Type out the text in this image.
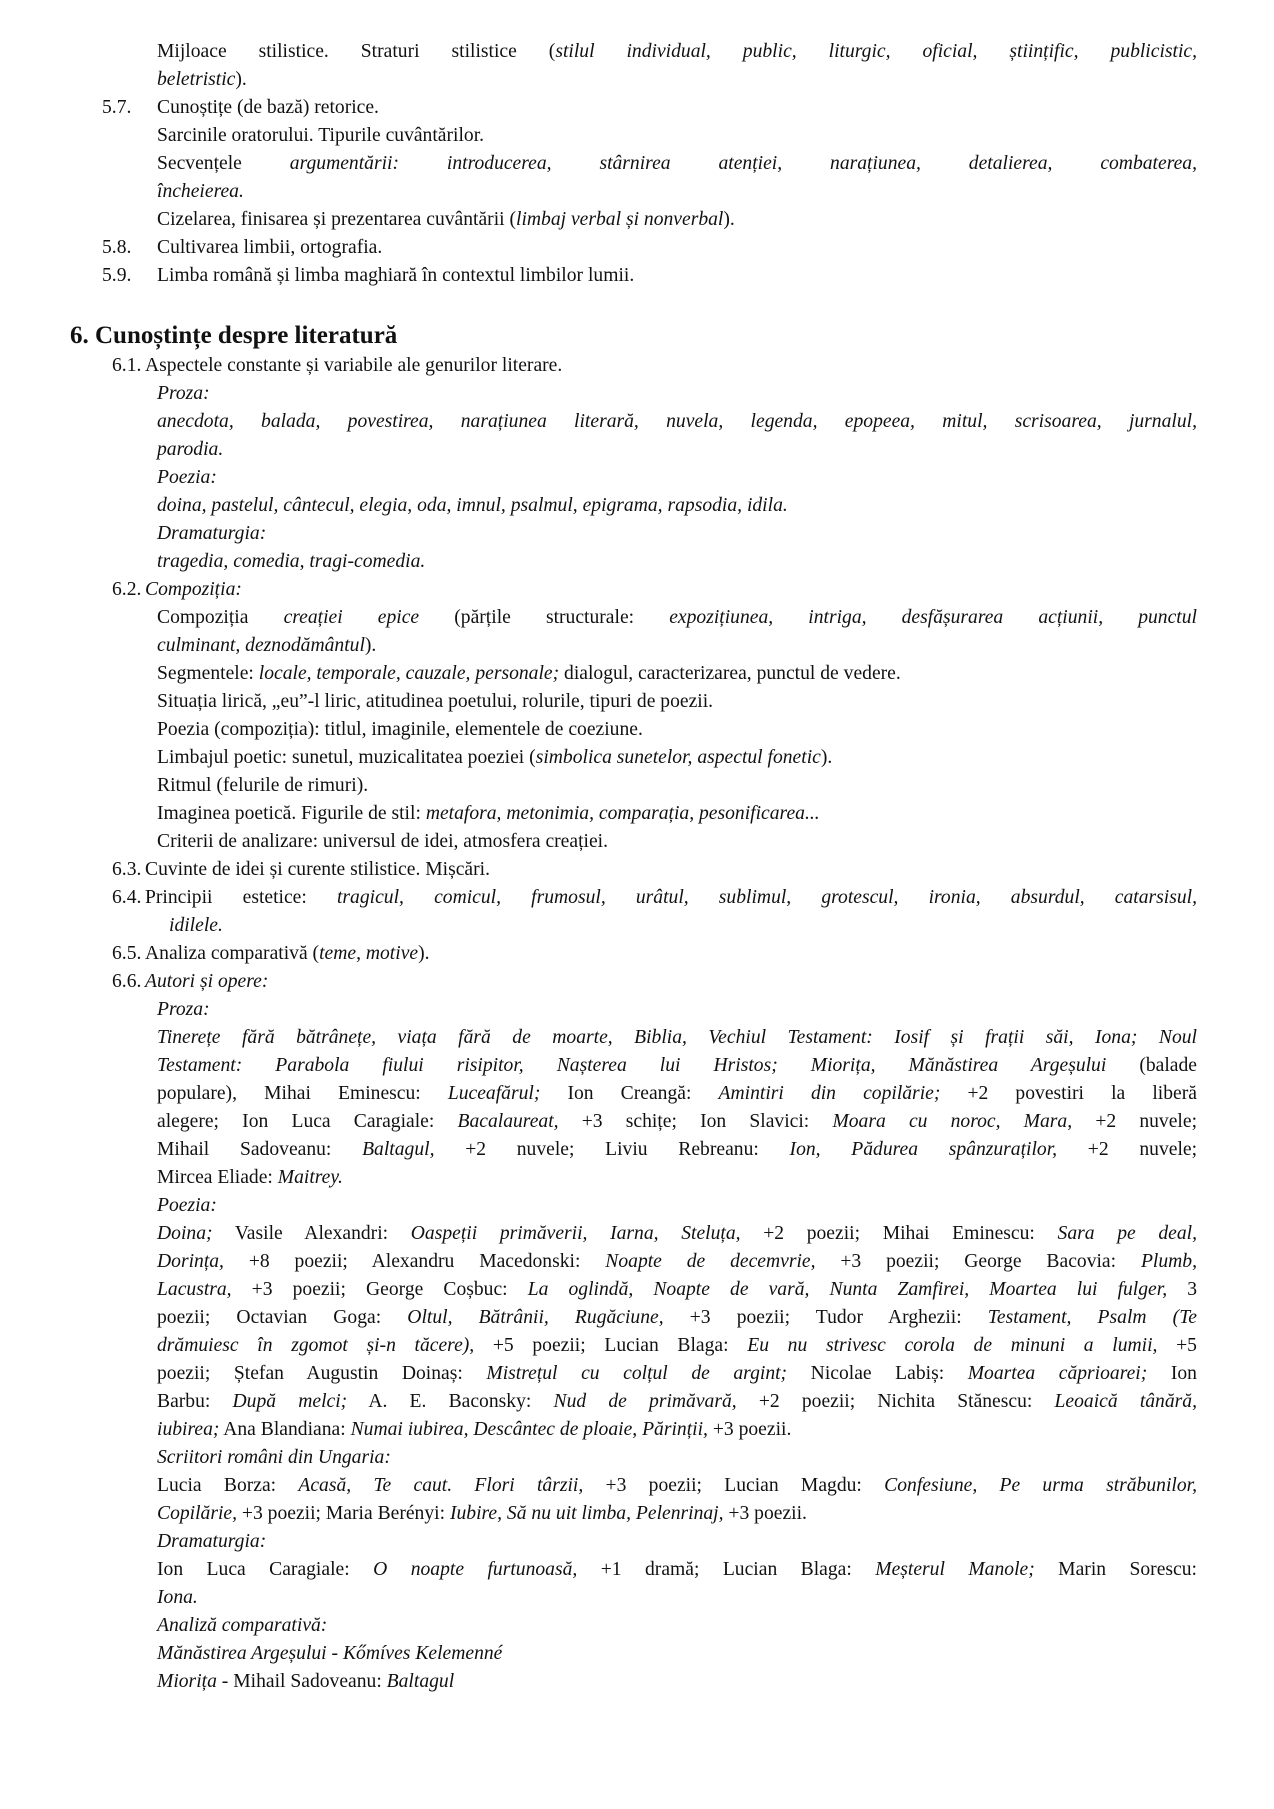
Mijloace stilistice. Straturi stilistice (stilul individual, public, liturgic, oficial, științific, publicistic,
beletristic).
5.7. Cunoștițe (de bază) retorice.
Sarcinile oratorului. Tipurile cuvântărilor.
Secvențele argumentării: introducerea, stârnirea atenției, narațiunea, detalierea, combaterea,
încheierea.
Cizelarea, finisarea și prezentarea cuvântării (limbaj verbal și nonverbal).
5.8. Cultivarea limbii, ortografia.
5.9. Limba română și limba maghiară în contextul limbilor lumii.
6. Cunoștințe despre literatură
6.1. Aspectele constante și variabile ale genurilor literare.
Proza:
anecdota, balada, povestirea, narațiunea literară, nuvela, legenda, epopeea, mitul, scrisoarea, jurnalul,
parodia.
Poezia:
doina, pastelul, cântecul, elegia, oda, imnul, psalmul, epigrama, rapsodia, idila.
Dramaturgia:
tragedia, comedia, tragi-comedia.
6.2. Compoziția:
Compoziția creației epice (părțile structurale: expozițiunea, intriga, desfășurarea acțiunii, punctul
culminant, deznodământul).
Segmentele: locale, temporale, cauzale, personale; dialogul, caracterizarea, punctul de vedere.
Situația lirică, „eu”-l liric, atitudinea poetului, rolurile, tipuri de poezii.
Poezia (compoziția): titlul, imaginile, elementele de coeziune.
Limbajul poetic: sunetul, muzicalitatea poeziei (simbolica sunetelor, aspectul fonetic).
Ritmul (felurile de rimuri).
Imaginea poetică. Figurile de stil: metafora, metonimia, comparația, pesonificarea...
Criterii de analizare: universul de idei, atmosfera creației.
6.3. Cuvinte de idei și curente stilistice. Mișcări.
6.4. Principii estetice: tragicul, comicul, frumosul, urâtul, sublimul, grotescul, ironia, absurdul, catarsisul,
idilele.
6.5. Analiza comparativă (teme, motive).
6.6. Autori și opere:
Proza:
Tinerețe fără bătrânețe, viața fără de moarte, Biblia, Vechiul Testament: Iosif și frații săi, Iona; Noul
Testament: Parabola fiului risipitor, Nașterea lui Hristos; Miorița, Mănăstirea Argeșului (balade
populare), Mihai Eminescu: Luceafărul; Ion Creangă: Amintiri din copilărie; +2 povestiri la liberă
alegere; Ion Luca Caragiale: Bacalaureat, +3 schițe; Ion Slavici: Moara cu noroc, Mara, +2 nuvele;
Mihail Sadoveanu: Baltagul, +2 nuvele; Liviu Rebreanu: Ion, Pădurea spânzuraților, +2 nuvele;
Mircea Eliade: Maitrey.
Poezia:
Doina; Vasile Alexandri: Oaspeții primăverii, Iarna, Steluța, +2 poezii; Mihai Eminescu: Sara pe deal,
Dorința, +8 poezii; Alexandru Macedonski: Noapte de decemvrie, +3 poezii; George Bacovia: Plumb,
Lacustra, +3 poezii; George Coșbuc: La oglindă, Noapte de vară, Nunta Zamfirei, Moartea lui fulger, 3
poezii; Octavian Goga: Oltul, Bătrânii, Rugăciune, +3 poezii; Tudor Arghezii: Testament, Psalm (Te
drămuiesc în zgomot și-n tăcere), +5 poezii; Lucian Blaga: Eu nu strivesc corola de minuni a lumii, +5
poezii; Ștefan Augustin Doinaș: Mistrețul cu colțul de argint; Nicolae Labiș: Moartea căprioarei; Ion
Barbu: După melci; A. E. Baconsky: Nud de primăvară, +2 poezii; Nichita Stănescu: Leoaică tânără,
iubirea; Ana Blandiana: Numai iubirea, Descântec de ploaie, Părinții, +3 poezii.
Scriitori români din Ungaria:
Lucia Borza: Acasă, Te caut. Flori târzii, +3 poezii; Lucian Magdu: Confesiune, Pe urma străbunilor,
Copilărie, +3 poezii; Maria Berényi: Iubire, Să nu uit limba, Pelenrinaj, +3 poezii.
Dramaturgia:
Ion Luca Caragiale: O noapte furtunoasă, +1 dramă; Lucian Blaga: Meșterul Manole; Marin Sorescu:
Iona.
Analiză comparativă:
Mănăstirea Argeșului - Kőmíves Kelemenné
Miorița - Mihail Sadoveanu: Baltagul
